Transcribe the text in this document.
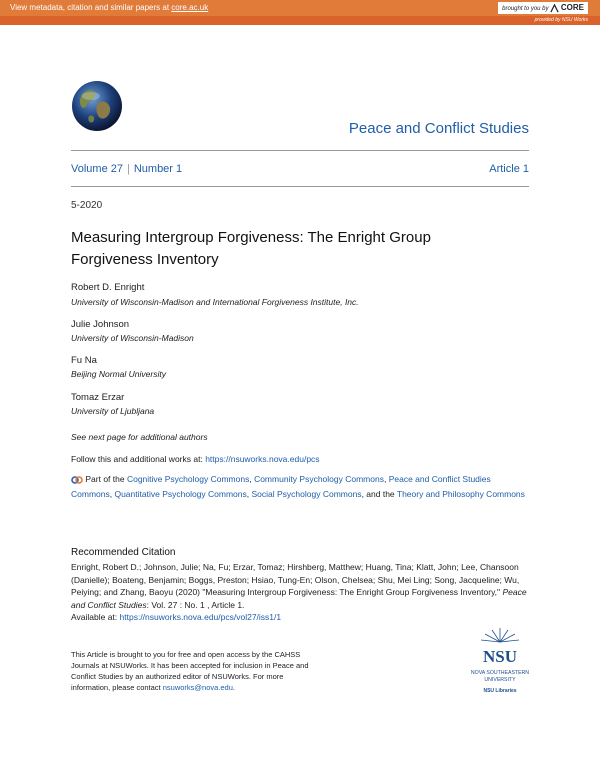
View metadata, citation and similar papers at core.ac.uk	brought to you by CORE
provided by NSU Works
Peace and Conflict Studies
Volume 27 | Number 1	Article 1
5-2020
Measuring Intergroup Forgiveness: The Enright Group Forgiveness Inventory
Robert D. Enright
University of Wisconsin-Madison and International Forgiveness Institute, Inc.
Julie Johnson
University of Wisconsin-Madison
Fu Na
Beijing Normal University
Tomaz Erzar
University of Ljubljana
See next page for additional authors
Follow this and additional works at: https://nsuworks.nova.edu/pcs
Part of the Cognitive Psychology Commons, Community Psychology Commons, Peace and Conflict Studies Commons, Quantitative Psychology Commons, Social Psychology Commons, and the Theory and Philosophy Commons
Recommended Citation
Enright, Robert D.; Johnson, Julie; Na, Fu; Erzar, Tomaz; Hirshberg, Matthew; Huang, Tina; Klatt, John; Lee, Chansoon (Danielle); Boateng, Benjamin; Boggs, Preston; Hsiao, Tung-En; Olson, Chelsea; Shu, Mei Ling; Song, Jacqueline; Wu, Peiying; and Zhang, Baoyu (2020) "Measuring Intergroup Forgiveness: The Enright Group Forgiveness Inventory," Peace and Conflict Studies: Vol. 27 : No. 1 , Article 1.
Available at: https://nsuworks.nova.edu/pcs/vol27/iss1/1
This Article is brought to you for free and open access by the CAHSS Journals at NSUWorks. It has been accepted for inclusion in Peace and Conflict Studies by an authorized editor of NSUWorks. For more information, please contact nsuworks@nova.edu.
NSU
NOVA SOUTHEASTERN
UNIVERSITY
NSU Libraries
